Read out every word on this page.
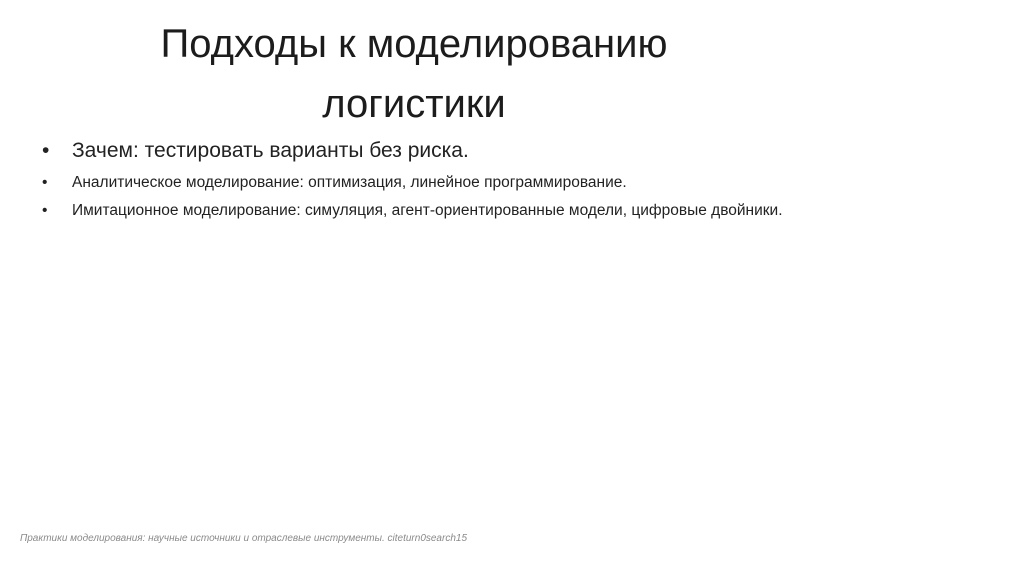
Подходы к моделированию
логистики
• Зачем: тестировать варианты без риска.
• Аналитическое моделирование: оптимизация, линейное программирование.
• Имитационное моделирование: симуляция, агент-ориентированные модели, цифровые двойники.
Практики моделирования: научные источники и отраслевые инструменты. ⁣cite⁣turn0search15⁣
